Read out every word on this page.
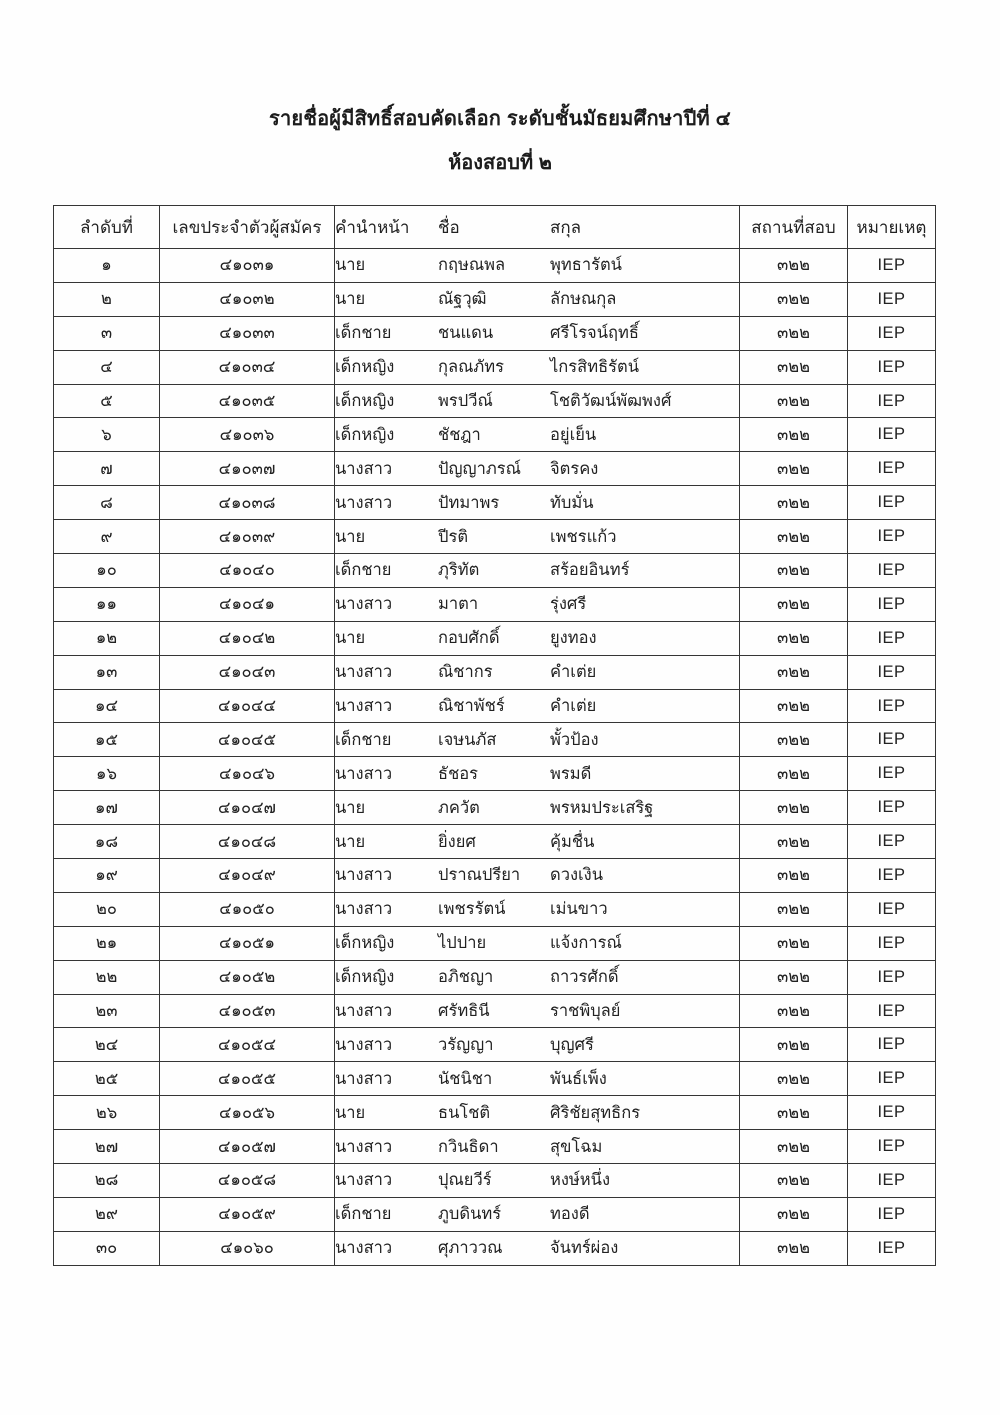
รายชื่อผู้มีสิทธิ์สอบคัดเลือก ระดับชั้นมัธยมศึกษาปีที่ ๔
ห้องสอบที่ ๒
ลำดับที่	เลขประจำตัวผู้สมัคร	คำนำหน้า ชื่อ สกุล	สถานที่สอบ	หมายเหตุ
๑	๔๑๐๓๑	นาย กฤษณพล พุทธารัตน์	๓๒๒	IEP
๒	๔๑๐๓๒	นาย ณัฐวุฒิ ลักษณกุล	๓๒๒	IEP
๓	๔๑๐๓๓	เด็กชาย ชนแดน ศรีโรจน์ฤทธิ์	๓๒๒	IEP
๔	๔๑๐๓๔	เด็กหญิง กุลณภัทร ไกรสิทธิรัตน์	๓๒๒	IEP
๕	๔๑๐๓๕	เด็กหญิง พรปวีณ์ โชติวัฒน์พัฒพงศ์	๓๒๒	IEP
๖	๔๑๐๓๖	เด็กหญิง ชัชฎา อยู่เย็น	๓๒๒	IEP
๗	๔๑๐๓๗	นางสาว ปัญญาภรณ์ จิตรคง	๓๒๒	IEP
๘	๔๑๐๓๘	นางสาว ปัทมาพร ทับมั่น	๓๒๒	IEP
๙	๔๑๐๓๙	นาย ปีรติ เพชรแก้ว	๓๒๒	IEP
๑๐	๔๑๐๔๐	เด็กชาย ภุริทัต สร้อยอินทร์	๓๒๒	IEP
๑๑	๔๑๐๔๑	นางสาว มาตา รุ่งศรี	๓๒๒	IEP
๑๒	๔๑๐๔๒	นาย กอบศักดิ์ ยูงทอง	๓๒๒	IEP
๑๓	๔๑๐๔๓	นางสาว ณิชากร คำเต่ย	๓๒๒	IEP
๑๔	๔๑๐๔๔	นางสาว ณิชาพัชร์ คำเต่ย	๓๒๒	IEP
๑๕	๔๑๐๔๕	เด็กชาย เจษนภัส พั้วป้อง	๓๒๒	IEP
๑๖	๔๑๐๔๖	นางสาว ธัชอร พรมดี	๓๒๒	IEP
๑๗	๔๑๐๔๗	นาย ภควัต พรหมประเสริฐ	๓๒๒	IEP
๑๘	๔๑๐๔๘	นาย ยิ่งยศ คุ้มชื่น	๓๒๒	IEP
๑๙	๔๑๐๔๙	นางสาว ปราณปรียา ดวงเงิน	๓๒๒	IEP
๒๐	๔๑๐๕๐	นางสาว เพชรรัตน์ เม่นขาว	๓๒๒	IEP
๒๑	๔๑๐๕๑	เด็กหญิง ไปปาย แจ้งการณ์	๓๒๒	IEP
๒๒	๔๑๐๕๒	เด็กหญิง อภิชญา ถาวรศักดิ์	๓๒๒	IEP
๒๓	๔๑๐๕๓	นางสาว ศรัทธินี ราชพิบุลย์	๓๒๒	IEP
๒๔	๔๑๐๕๔	นางสาว วรัญญา บุญศรี	๓๒๒	IEP
๒๕	๔๑๐๕๕	นางสาว นัชนิชา พันธ์เพ็ง	๓๒๒	IEP
๒๖	๔๑๐๕๖	นาย ธนโชติ ศิริชัยสุทธิกร	๓๒๒	IEP
๒๗	๔๑๐๕๗	นางสาว กวินธิดา สุขโฉม	๓๒๒	IEP
๒๘	๔๑๐๕๘	นางสาว ปุณยวีร์ หงษ์หนึ่ง	๓๒๒	IEP
๒๙	๔๑๐๕๙	เด็กชาย ภูบดินทร์ ทองดี	๓๒๒	IEP
๓๐	๔๑๐๖๐	นางสาว ศุภาววณ จันทร์ผ่อง	๓๒๒	IEP
